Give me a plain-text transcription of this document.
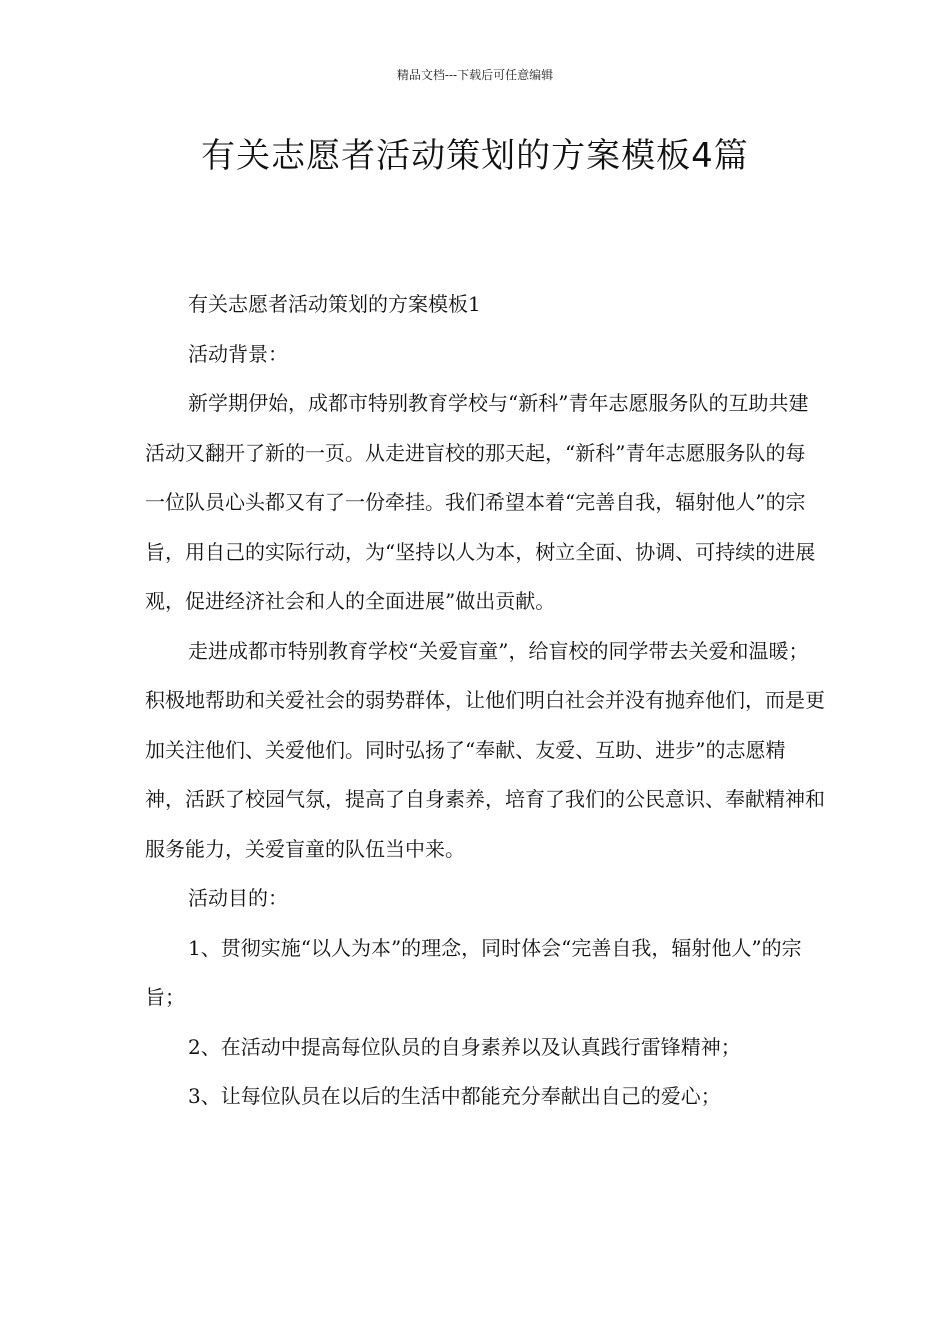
精品文档---下载后可任意编辑
有关志愿者活动策划的方案模板4篇

有关志愿者活动策划的方案模板1

活动背景：

新学期伊始，成都市特别教育学校与“新科”青年志愿服务队的互助共建活动又翻开了新的一页。从走进盲校的那天起，“新科”青年志愿服务队的每一位队员心头都又有了一份牵挂。我们希望本着“完善自我，辐射他人”的宗旨，用自己的实际行动，为“坚持以人为本，树立全面、协调、可持续的进展观，促进经济社会和人的全面进展”做出贡献。

走进成都市特别教育学校“关爱盲童”，给盲校的同学带去关爱和温暖；积极地帮助和关爱社会的弱势群体，让他们明白社会并没有抛弃他们，而是更加关注他们、关爱他们。同时弘扬了“奉献、友爱、互助、进步”的志愿精神，活跃了校园气氛，提高了自身素养，培育了我们的公民意识、奉献精神和服务能力，关爱盲童的队伍当中来。

活动目的：

1、贯彻实施“以人为本”的理念，同时体会“完善自我，辐射他人”的宗旨；

2、在活动中提高每位队员的自身素养以及认真践行雷锋精神；

3、让每位队员在以后的生活中都能充分奉献出自己的爱心；
